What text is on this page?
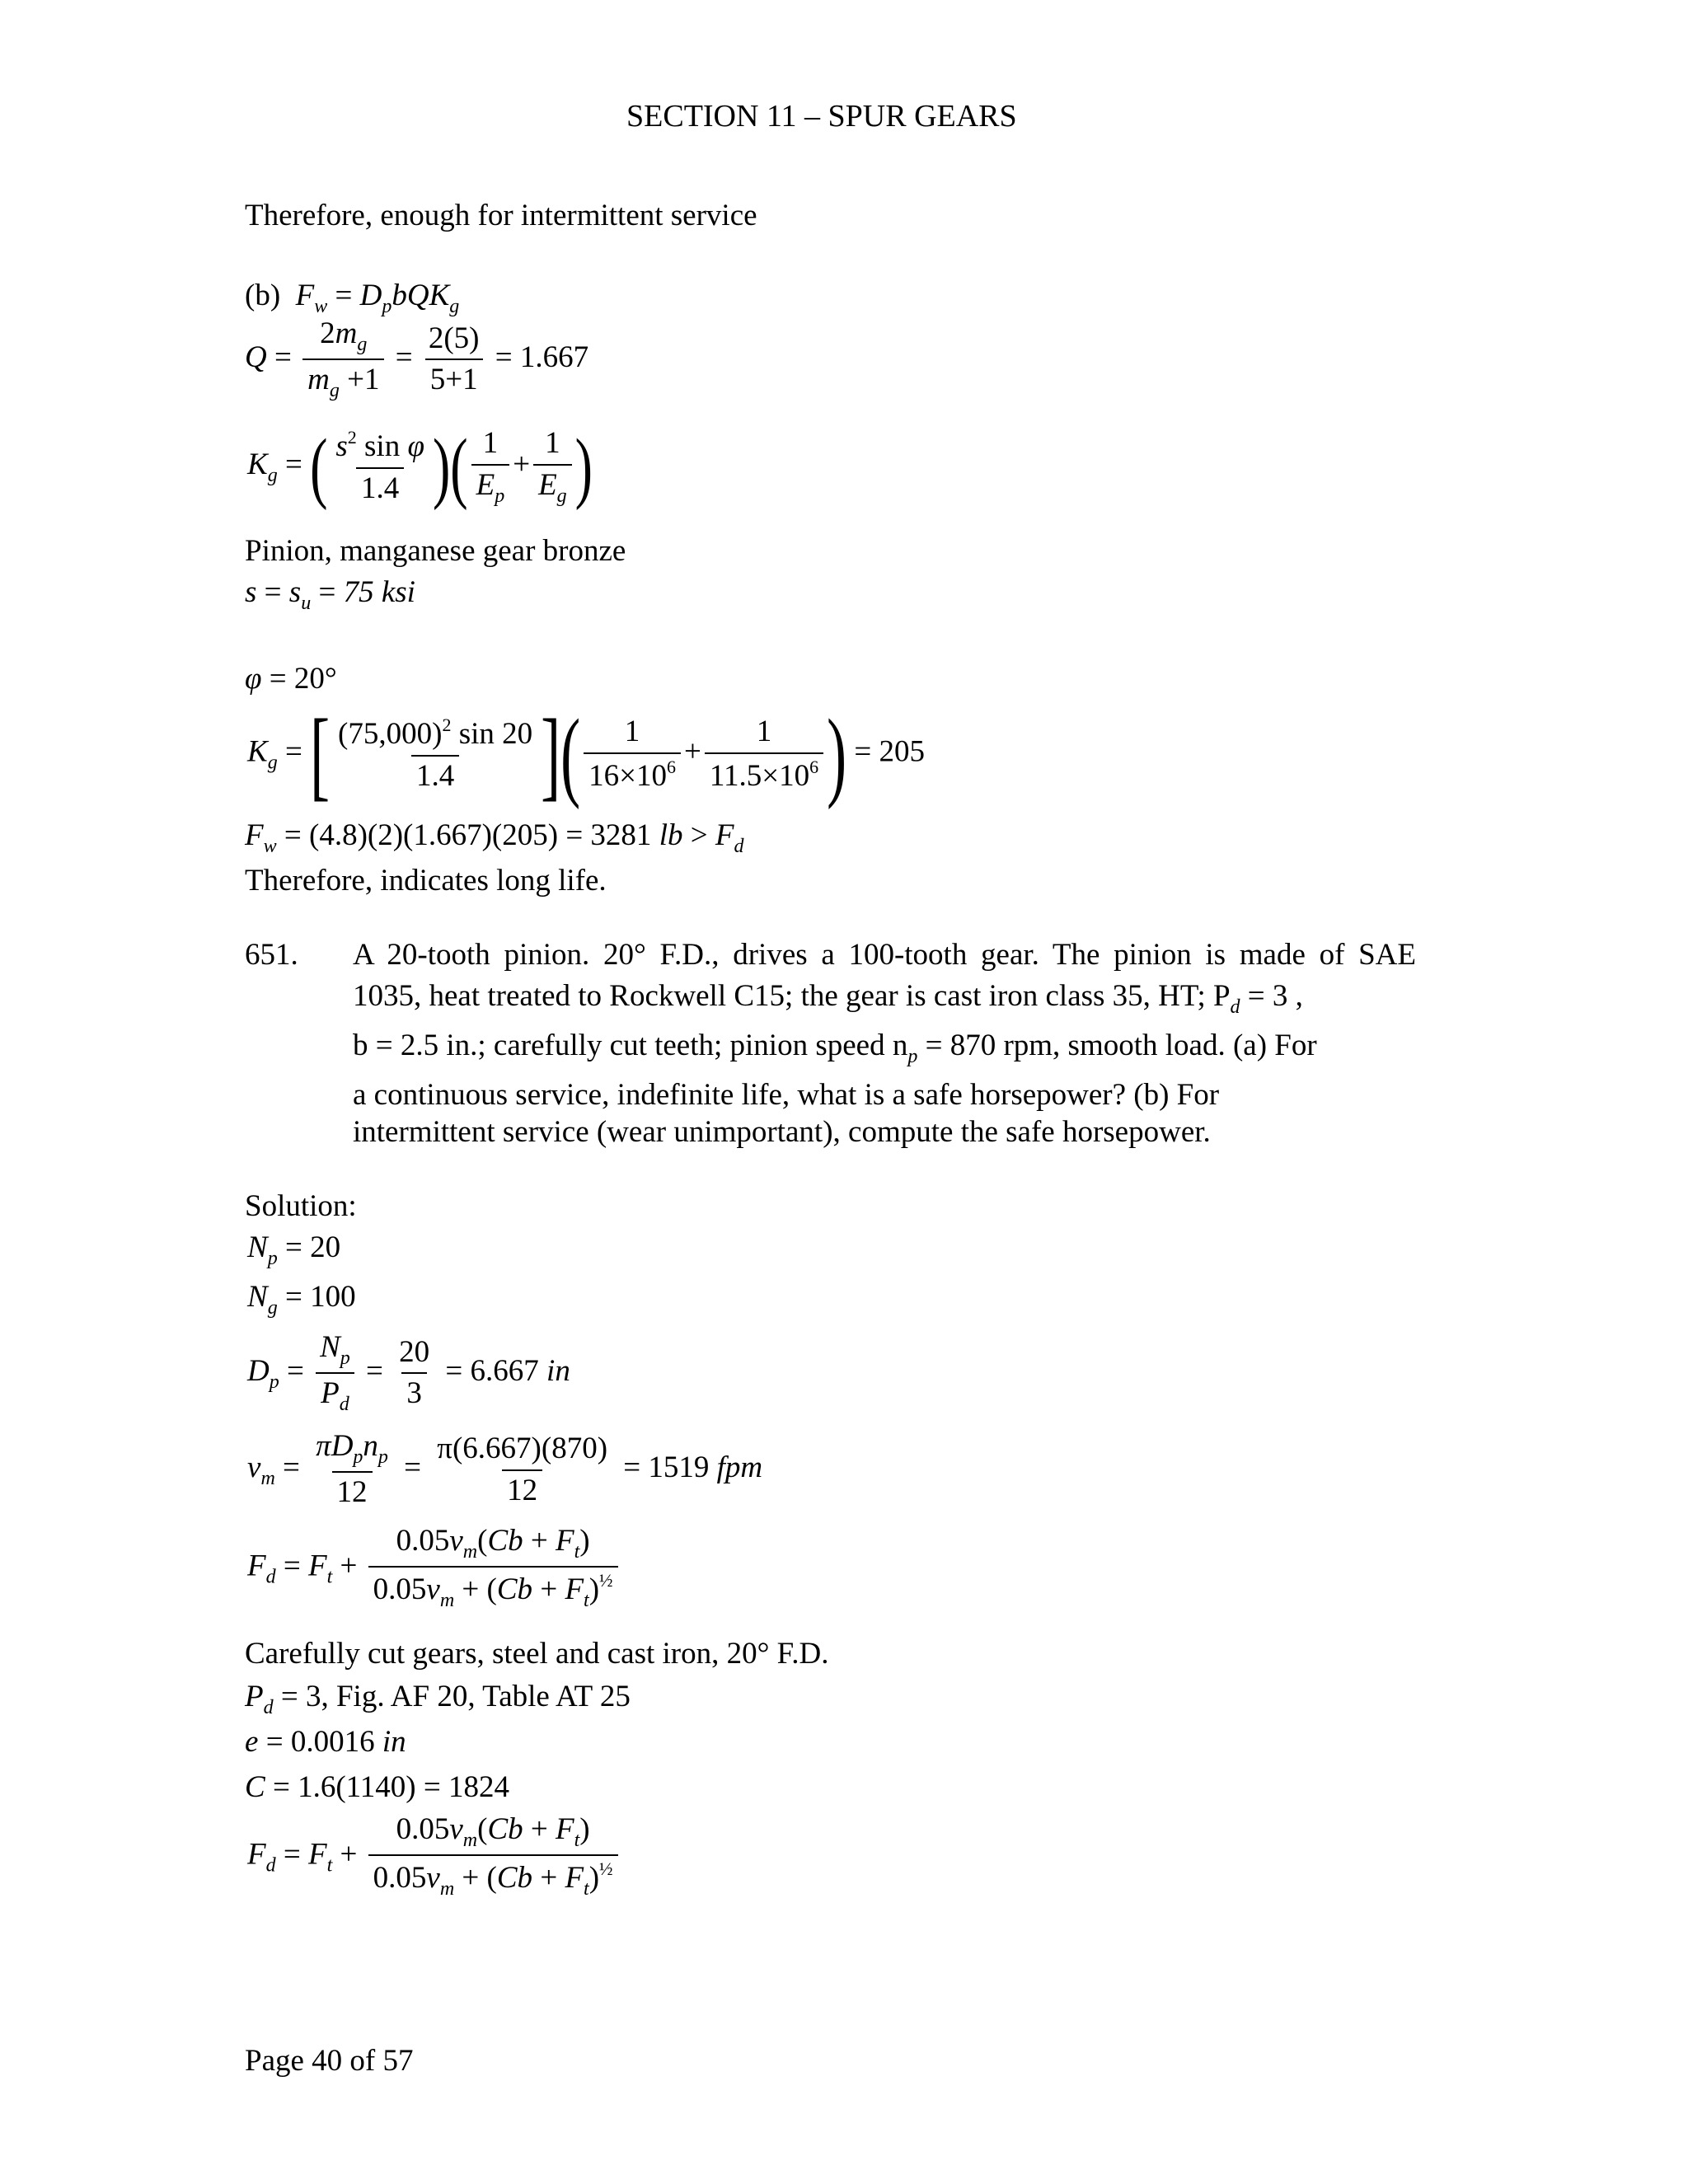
SECTION 11 – SPUR GEARS
Therefore, enough for intermittent service
(b) $F_w = D_pbQK_g$
$Q = \frac{2m_g}{m_g +1} = \frac{2(5)}{5+1} = 1.667$
$K_g$ = ( $\frac{s^2 \sin \varphi}{1.4}$ )( $\frac{1}{E_p} + \frac{1}{E_g}$ )
Pinion, manganese gear bronze
$s = s_u = 75$ ksi
φ = 20°
$K_g$ = [ $\frac{(75,000)^2 \sin 20}{1.4}$ ]( $\frac{1}{16\times 10^6} + \frac{1}{11.5\times 10^6}$ ) = 205
$F_w = (4.8)(2)(1.667)(205) = 3281$ lb > $F_d$
Therefore, indicates long life.
651. A 20-tooth pinion. 20° F.D., drives a 100-tooth gear. The pinion is made of SAE
1035, heat treated to Rockwell C15; the gear is cast iron class 35, HT; $P_d = 3$ ,
b = 2.5 in.; carefully cut teeth; pinion speed $n_p = 870$ rpm, smooth load. (a) For
a continuous service, indefinite life, what is a safe horsepower? (b) For
intermittent service (wear unimportant), compute the safe horsepower.
Solution:
$N_p = 20$
$N_g = 100$
$D_p = \frac{N_p}{P_d} = \frac{20}{3} = 6.667$ in
$v_m = \frac{\pi D_pn_p}{12} = \frac{\pi(6.667)(870)}{12} = 1519$ fpm
$F_d = F_t + \frac{0.05v_m(Cb + F_t)}{0.05v_m + (Cb + F_t)^{\frac{1}{2}}}$
Carefully cut gears, steel and cast iron, 20° F.D.
$P_d = 3$, Fig. AF 20, Table AT 25
e = 0.0016 in
C = 1.6(1140) = 1824
$F_d = F_t + \frac{0.05v_m(Cb + F_t)}{0.05v_m + (Cb + F_t)^{\frac{1}{2}}}$
Page 40 of 57
